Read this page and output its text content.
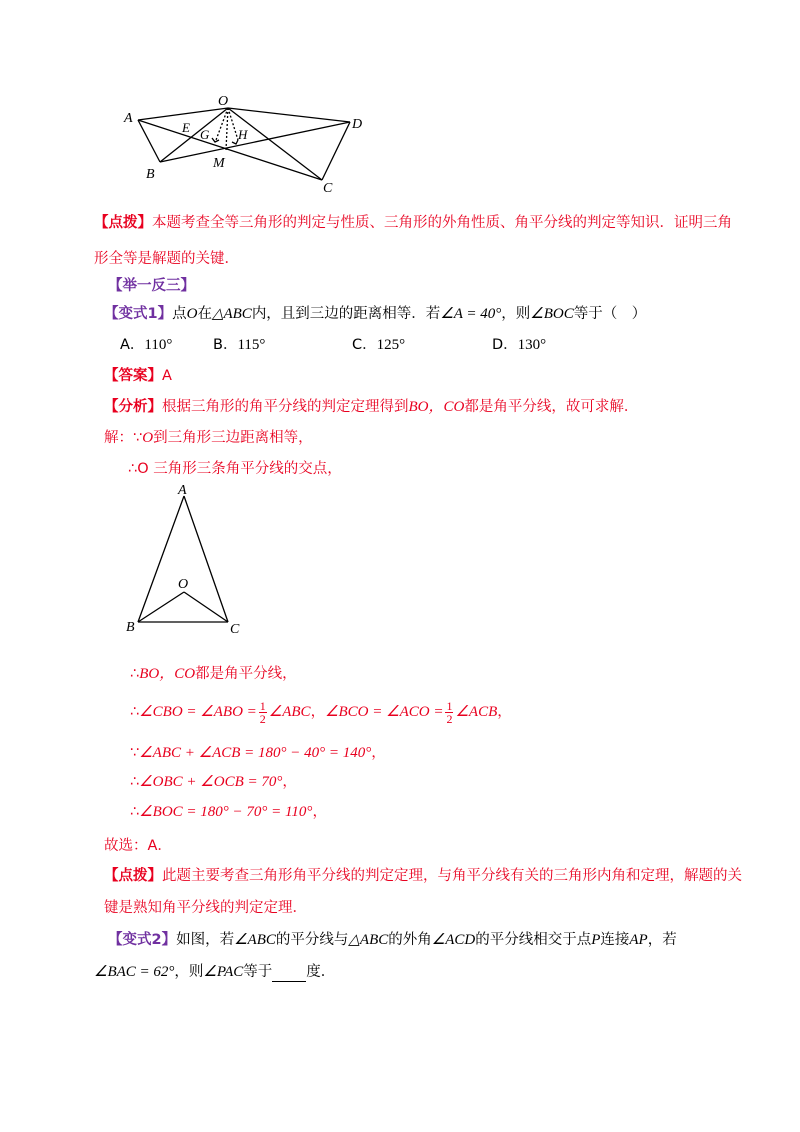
A
B
C
D
O
E G H
M
【点拨】本题考查全等三角形的判定与性质、三角形的外角性质、角平分线的判定等知识．证明三角
形全等是解题的关键．
【举一反三】
【变式1】点O在△ABC内，且到三边的距离相等．若∠A = 40°，则∠BOC等于（　）
A．110°	B．115°	C．125°	D．130°
【答案】A
【分析】根据三角形的角平分线的判定定理得到BO，CO都是角平分线，故可求解．
解：∵O到三角形三边距离相等，
∴O 三角形三条角平分线的交点，
A
B	C
O
∴BO，CO都是角平分线，
∴∠CBO = ∠ABO = $\frac{1}{2}$ ∠ABC，∠BCO = ∠ACO = $\frac{1}{2}$ ∠ACB，
∵∠ABC + ∠ACB = 180° − 40° = 140°，
∴∠OBC + ∠OCB = 70°，
∴∠BOC = 180° − 70° = 110°，
故选：A．
【点拨】此题主要考查三角形角平分线的判定定理，与角平分线有关的三角形内角和定理，解题的关
键是熟知角平分线的判定定理．
【变式2】如图，若∠ABC的平分线与△ABC的外角∠ACD的平分线相交于点P连接AP，若
∠BAC = 62°，则∠PAC等于 度．
